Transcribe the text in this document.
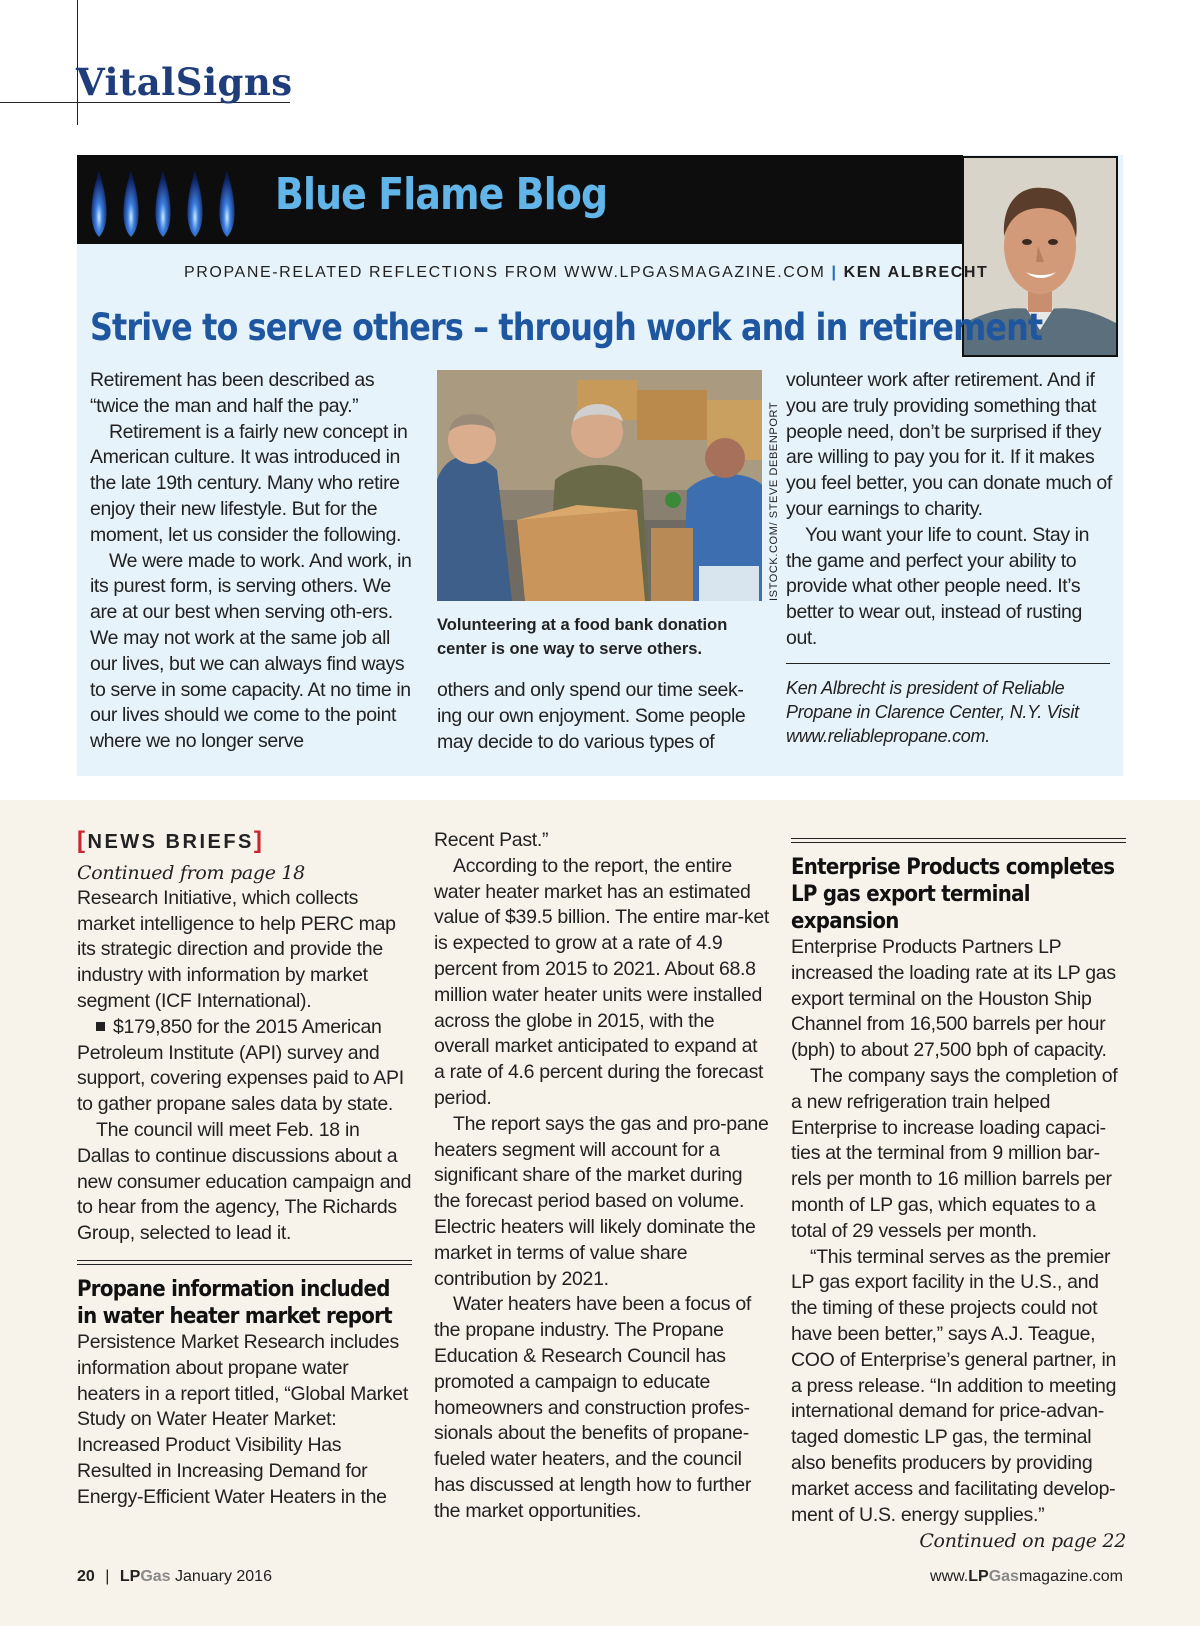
VitalSigns
Blue Flame Blog
PROPANE-RELATED REFLECTIONS FROM WWW.LPGASMAGAZINE.COM | KEN ALBRECHT
Strive to serve others – through work and in retirement

Retirement has been described as “twice the man and half the pay.”

Retirement is a fairly new concept in American culture. It was introduced in the late 19th century. Many who retire enjoy their new lifestyle. But for the moment, let us consider the following.

We were made to work. And work, in its purest form, is serving others. We are at our best when serving oth-ers. We may not work at the same job all our lives, but we can always find ways to serve in some capacity. At no time in our lives should we come to the point where we no longer serve

ISTOCK.COM/ STEVE DEBENPORT
Volunteering at a food bank donation center is one way to serve others.

others and only spend our time seek-ing our own enjoyment. Some people may decide to do various types of

volunteer work after retirement. And if you are truly providing something that people need, don’t be surprised if they are willing to pay you for it. If it makes you feel better, you can donate much of your earnings to charity.

You want your life to count. Stay in the game and perfect your ability to provide what other people need. It’s better to wear out, instead of rusting out.

Ken Albrecht is president of Reliable Propane in Clarence Center, N.Y. Visit www.reliablepropane.com.
[NEWS BRIEFS]
Continued from page 18

Research Initiative, which collects market intelligence to help PERC map its strategic direction and provide the industry with information by market segment (ICF International).

$179,850 for the 2015 American Petroleum Institute (API) survey and support, covering expenses paid to API to gather propane sales data by state.

The council will meet Feb. 18 in Dallas to continue discussions about a new consumer education campaign and to hear from the agency, The Richards Group, selected to lead it.

Propane information included in water heater market report

Persistence Market Research includes information about propane water heaters in a report titled, “Global Market Study on Water Heater Market: Increased Product Visibility Has Resulted in Increasing Demand for Energy-Efficient Water Heaters in the

Recent Past.”

According to the report, the entire water heater market has an estimated value of $39.5 billion. The entire mar-ket is expected to grow at a rate of 4.9 percent from 2015 to 2021. About 68.8 million water heater units were installed across the globe in 2015, with the overall market anticipated to expand at a rate of 4.6 percent during the forecast period.

The report says the gas and pro-pane heaters segment will account for a significant share of the market during the forecast period based on volume. Electric heaters will likely dominate the market in terms of value share contribution by 2021.

Water heaters have been a focus of the propane industry. The Propane Education & Research Council has promoted a campaign to educate homeowners and construction profes-sionals about the benefits of propane-fueled water heaters, and the council has discussed at length how to further the market opportunities.

Enterprise Products completes LP gas export terminal expansion

Enterprise Products Partners LP increased the loading rate at its LP gas export terminal on the Houston Ship Channel from 16,500 barrels per hour (bph) to about 27,500 bph of capacity.

The company says the completion of a new refrigeration train helped Enterprise to increase loading capaci-ties at the terminal from 9 million bar-rels per month to 16 million barrels per month of LP gas, which equates to a total of 29 vessels per month.

“This terminal serves as the premier LP gas export facility in the U.S., and the timing of these projects could not have been better,” says A.J. Teague, COO of Enterprise’s general partner, in a press release. “In addition to meeting international demand for price-advan-taged domestic LP gas, the terminal also benefits producers by providing market access and facilitating develop-ment of U.S. energy supplies.”

Continued on page 22
20 | LPGas January 2016	www.LPGasmagazine.com
